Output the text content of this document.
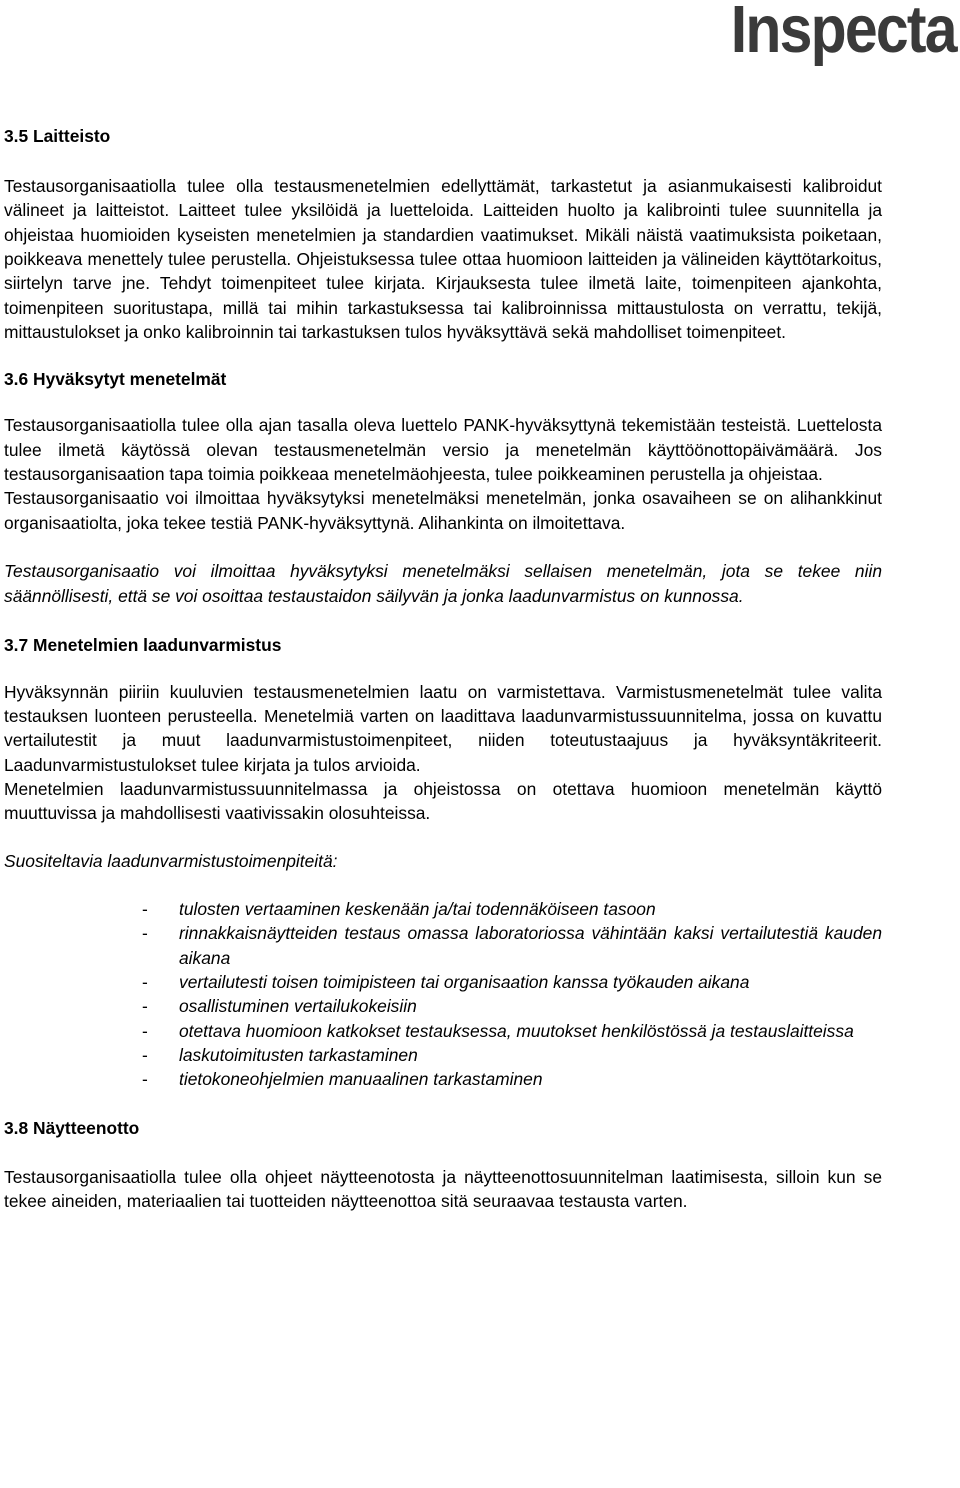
Inspecta
3.5 Laitteisto

Testausorganisaatiolla tulee olla testausmenetelmien edellyttämät, tarkastetut ja asianmukaisesti kalibroidut välineet ja laitteistot. Laitteet tulee yksilöidä ja luetteloida. Laitteiden huolto ja kalibrointi tulee suunnitella ja ohjeistaa huomioiden kyseisten menetelmien ja standardien vaatimukset. Mikäli näistä vaatimuksista poiketaan, poikkeava menettely tulee perustella. Ohjeistuksessa tulee ottaa huomioon laitteiden ja välineiden käyttötarkoitus, siirtelyn tarve jne. Tehdyt toimenpiteet tulee kirjata. Kirjauksesta tulee ilmetä laite, toimenpiteen ajankohta, toimenpiteen suoritustapa, millä tai mihin tarkastuksessa tai kalibroinnissa mittaustulosta on verrattu, tekijä, mittaustulokset ja onko kalibroinnin tai tarkastuksen tulos hyväksyttävä sekä mahdolliset toimenpiteet.

3.6 Hyväksytyt menetelmät

Testausorganisaatiolla tulee olla ajan tasalla oleva luettelo PANK-hyväksyttynä tekemistään testeistä. Luettelosta tulee ilmetä käytössä olevan testausmenetelmän versio ja menetelmän käyttöönottopäivämäärä. Jos testausorganisaation tapa toimia poikkeaa menetelmäohjeesta, tulee poikkeaminen perustella ja ohjeistaa.

Testausorganisaatio voi ilmoittaa hyväksytyksi menetelmäksi menetelmän, jonka osavaiheen se on alihankkinut organisaatiolta, joka tekee testiä PANK-hyväksyttynä. Alihankinta on ilmoitettava.

Testausorganisaatio voi ilmoittaa hyväksytyksi menetelmäksi sellaisen menetelmän, jota se tekee niin säännöllisesti, että se voi osoittaa testaustaidon säilyvän ja jonka laadunvarmistus on kunnossa.

3.7 Menetelmien laadunvarmistus

Hyväksynnän piiriin kuuluvien testausmenetelmien laatu on varmistettava. Varmistusmenetelmät tulee valita testauksen luonteen perusteella. Menetelmiä varten on laadittava laadunvarmistussuunnitelma, jossa on kuvattu vertailutestit ja muut laadunvarmistustoimenpiteet, niiden toteutustaajuus ja hyväksyntäkriteerit. Laadunvarmistustulokset tulee kirjata ja tulos arvioida.

Menetelmien laadunvarmistussuunnitelmassa ja ohjeistossa on otettava huomioon menetelmän käyttö muuttuvissa ja mahdollisesti vaativissakin olosuhteissa.

Suositeltavia laadunvarmistustoimenpiteitä:

- tulosten vertaaminen keskenään ja/tai todennäköiseen tasoon
- rinnakkaisnäytteiden testaus omassa laboratoriossa vähintään kaksi vertailutestiä kauden aikana
- vertailutesti toisen toimipisteen tai organisaation kanssa työkauden aikana
- osallistuminen vertailukokeisiin
- otettava huomioon katkokset testauksessa, muutokset henkilöstössä ja testauslaitteissa
- laskutoimitusten tarkastaminen
- tietokoneohjelmien manuaalinen tarkastaminen
3.8 Näytteenotto

Testausorganisaatiolla tulee olla ohjeet näytteenotosta ja näytteenottosuunnitelman laatimisesta, silloin kun se tekee aineiden, materiaalien tai tuotteiden näytteenottoa sitä seuraavaa testausta varten.
